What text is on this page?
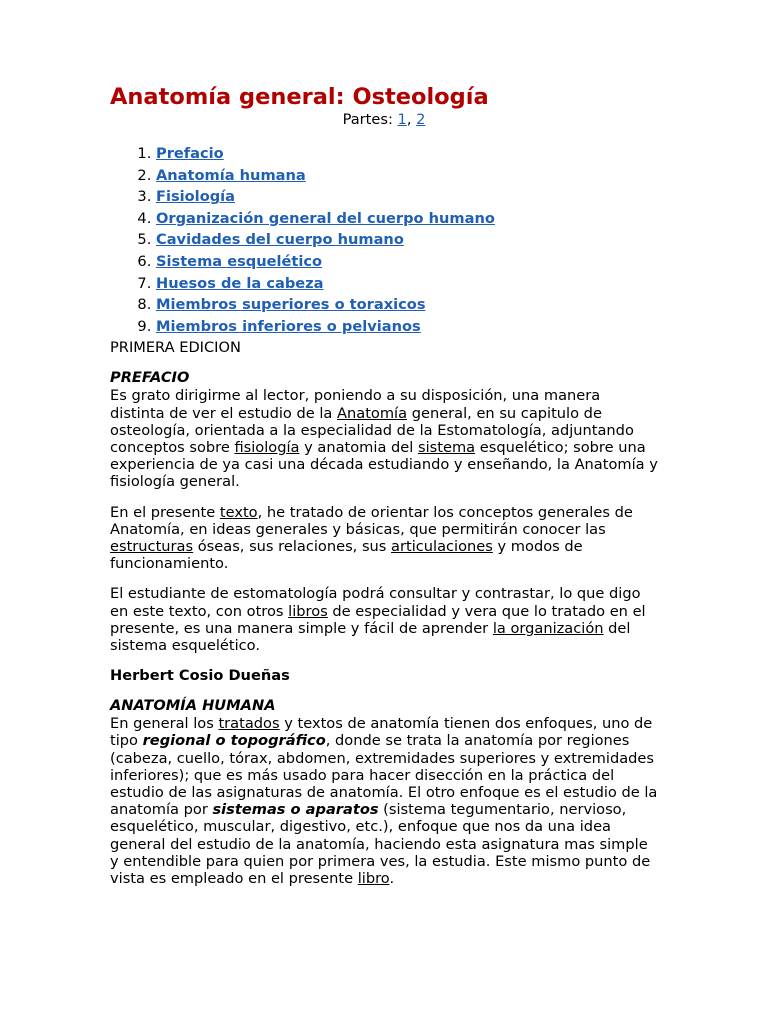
Anatomía general: Osteología
Partes: 1, 2
1. Prefacio
2. Anatomía humana
3. Fisiología
4. Organización general del cuerpo humano
5. Cavidades del cuerpo humano
6. Sistema esquelético
7. Huesos de la cabeza
8. Miembros superiores o toraxicos
9. Miembros inferiores o pelvianos
PRIMERA EDICION
PREFACIO

Es grato dirigirme al lector, poniendo a su disposición, una manera distinta de ver el estudio de la Anatomía general, en su capitulo de osteología, orientada a la especialidad de la Estomatología, adjuntando conceptos sobre fisiología y anatomia del sistema esquelético; sobre una experiencia de ya casi una década estudiando y enseñando, la Anatomía y fisiología general.

En el presente texto, he tratado de orientar los conceptos generales de Anatomía, en ideas generales y básicas, que permitirán conocer las estructuras óseas, sus relaciones, sus articulaciones y modos de funcionamiento.

El estudiante de estomatología podrá consultar y contrastar, lo que digo en este texto, con otros libros de especialidad y vera que lo tratado en el presente, es una manera simple y fácil de aprender la organización del sistema esquelético.

Herbert Cosio Dueñas
ANATOMÍA HUMANA

En general los tratados y textos de anatomía tienen dos enfoques, uno de tipo regional o topográfico, donde se trata la anatomía por regiones (cabeza, cuello, tórax, abdomen, extremidades superiores y extremidades inferiores); que es más usado para hacer disección en la práctica del estudio de las asignaturas de anatomía. El otro enfoque es el estudio de la anatomía por sistemas o aparatos (sistema tegumentario, nervioso, esquelético, muscular, digestivo, etc.), enfoque que nos da una idea general del estudio de la anatomía, haciendo esta asignatura mas simple y entendible para quien por primera ves, la estudia. Este mismo punto de vista es empleado en el presente libro.
